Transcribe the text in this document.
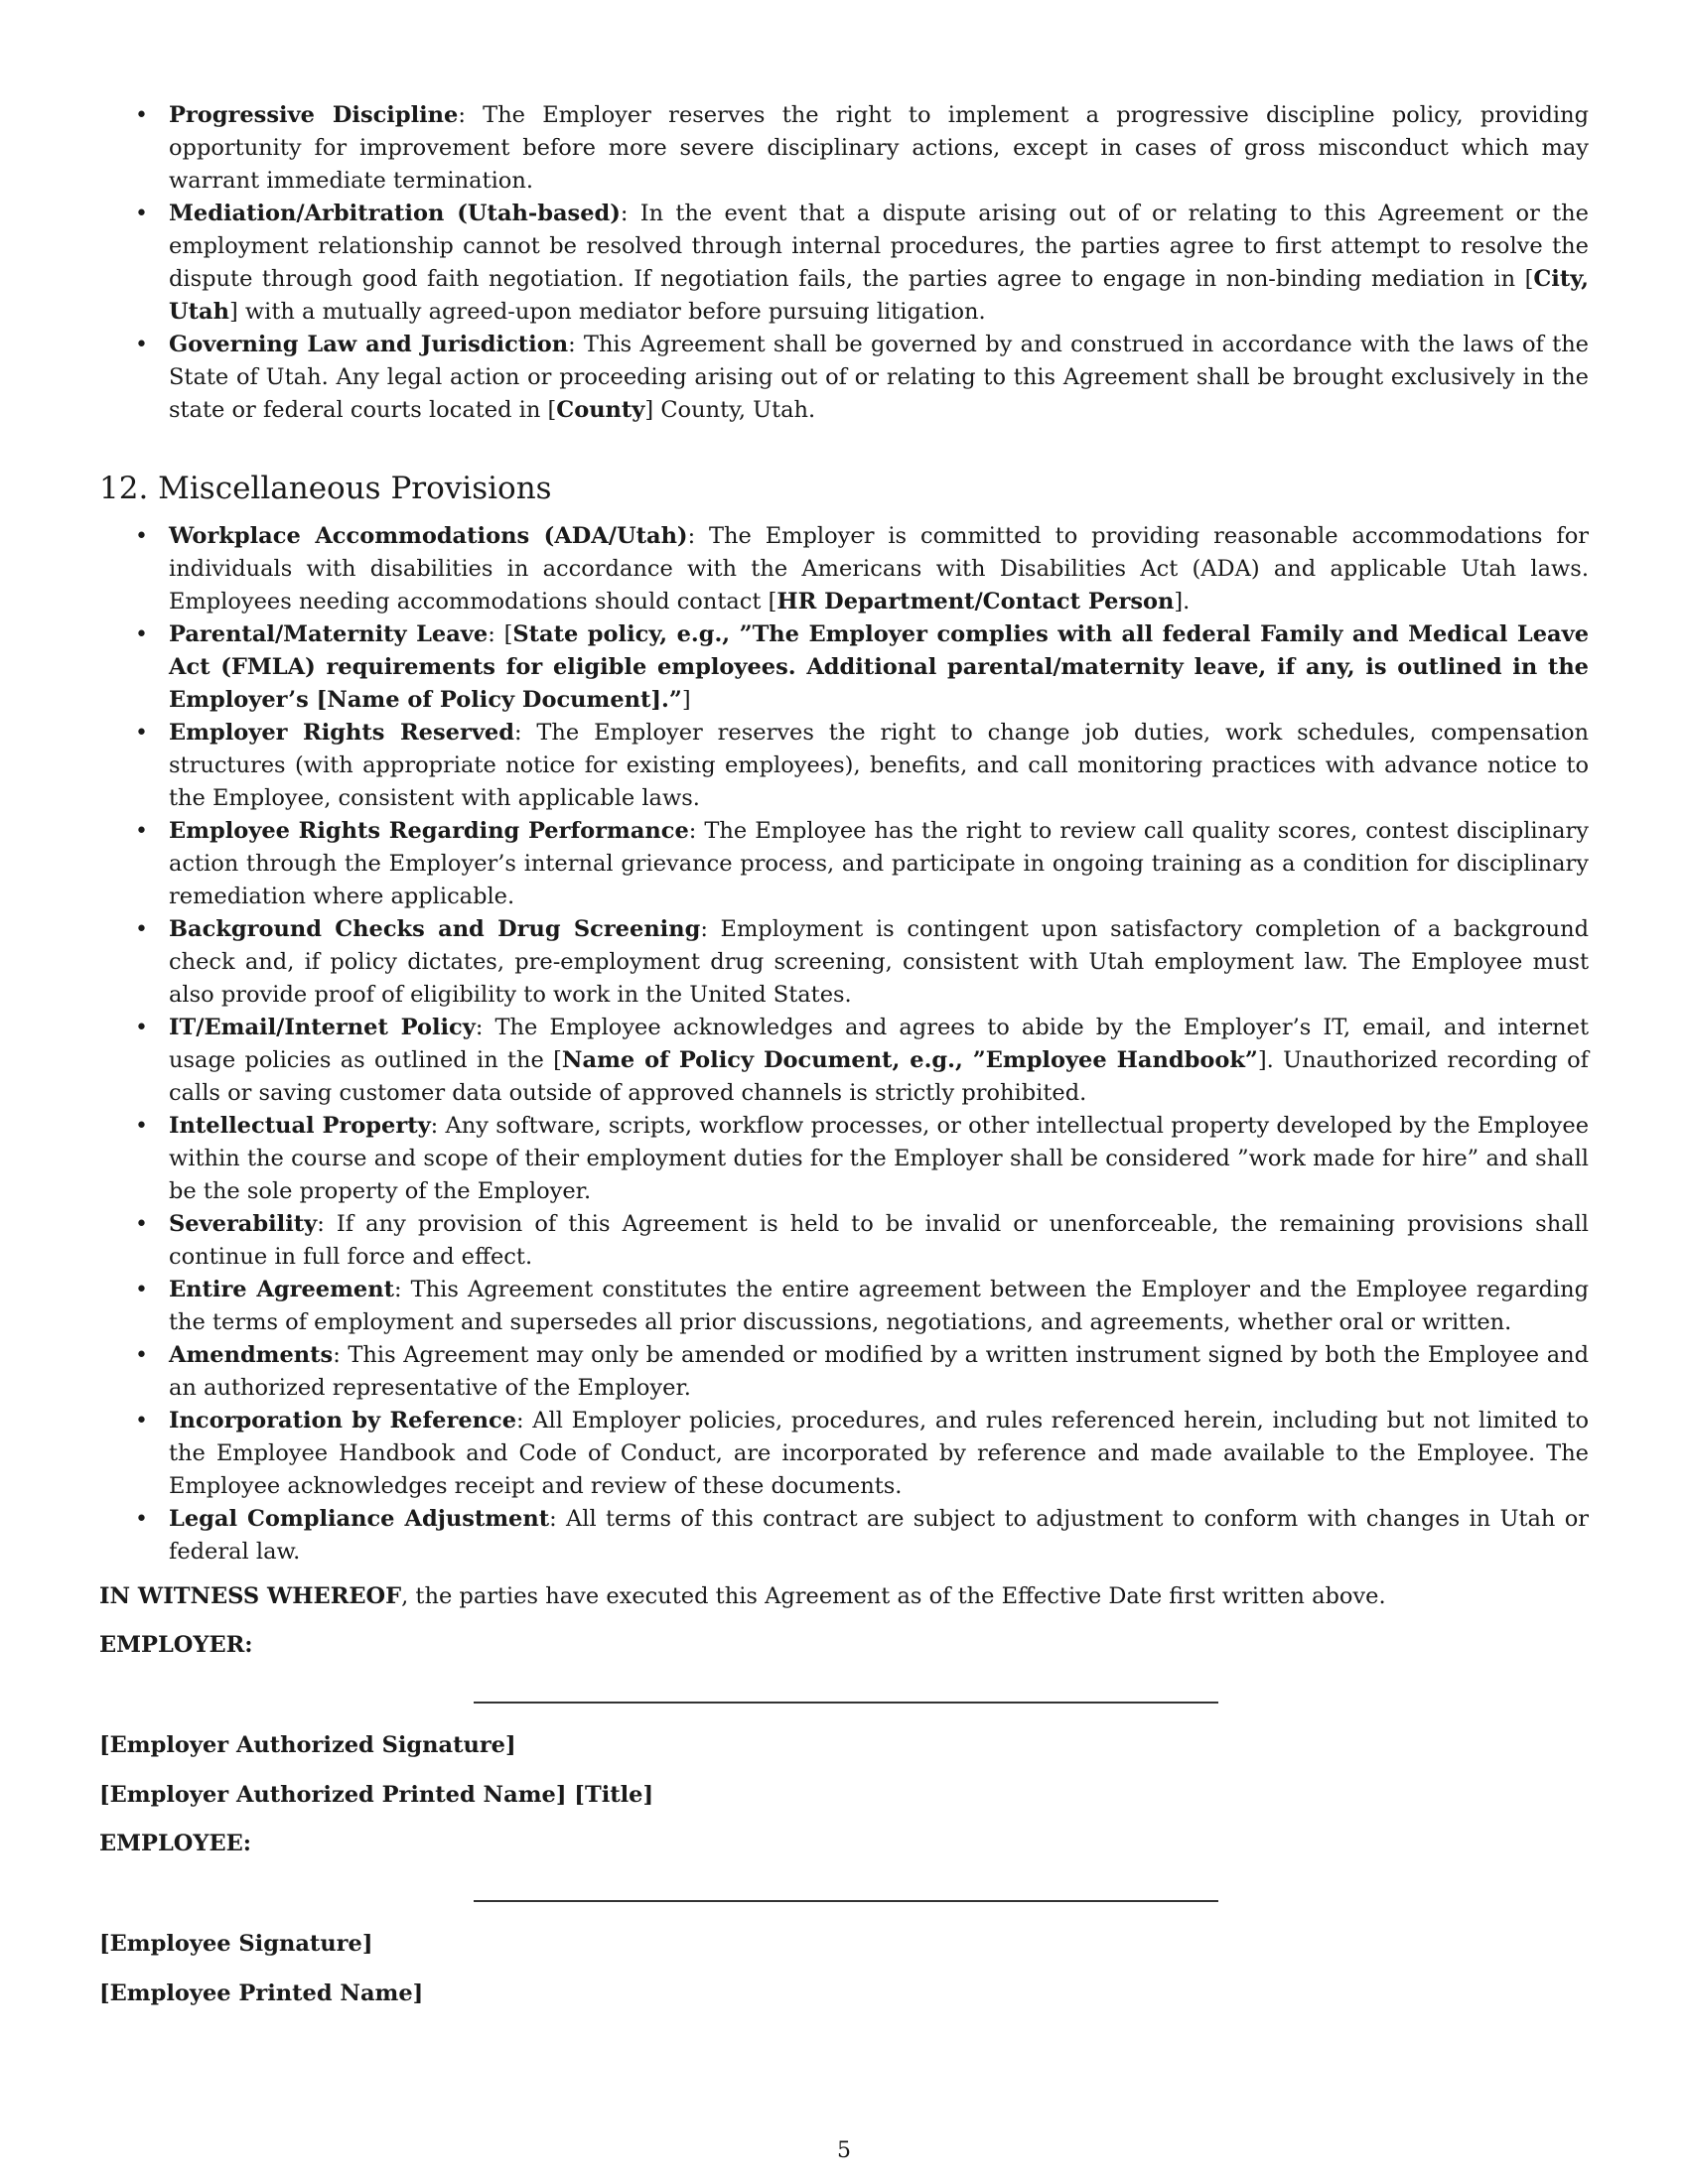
• Progressive Discipline: The Employer reserves the right to implement a progressive discipline policy, providing opportunity for improvement before more severe disciplinary actions, except in cases of gross misconduct which may warrant immediate termination.
• Mediation/Arbitration (Utah-based): In the event that a dispute arising out of or relating to this Agreement or the employment relationship cannot be resolved through internal procedures, the parties agree to first attempt to resolve the dispute through good faith negotiation. If negotiation fails, the parties agree to engage in non-binding mediation in [City, Utah] with a mutually agreed-upon mediator before pursuing litigation.
• Governing Law and Jurisdiction: This Agreement shall be governed by and construed in accordance with the laws of the State of Utah. Any legal action or proceeding arising out of or relating to this Agreement shall be brought exclusively in the state or federal courts located in [County] County, Utah.
12. Miscellaneous Provisions
• Workplace Accommodations (ADA/Utah): The Employer is committed to providing reasonable accommodations for individuals with disabilities in accordance with the Americans with Disabilities Act (ADA) and applicable Utah laws. Employees needing accommodations should contact [HR Department/Contact Person].
• Parental/Maternity Leave: [State policy, e.g., ”The Employer complies with all federal Family and Medical Leave Act (FMLA) requirements for eligible employees. Additional parental/maternity leave, if any, is outlined in the Employer’s [Name of Policy Document].”]
• Employer Rights Reserved: The Employer reserves the right to change job duties, work schedules, compensation structures (with appropriate notice for existing employees), benefits, and call monitoring practices with advance notice to the Employee, consistent with applicable laws.
• Employee Rights Regarding Performance: The Employee has the right to review call quality scores, contest disciplinary action through the Employer’s internal grievance process, and participate in ongoing training as a condition for disciplinary remediation where applicable.
• Background Checks and Drug Screening: Employment is contingent upon satisfactory completion of a background check and, if policy dictates, pre-employment drug screening, consistent with Utah employment law. The Employee must also provide proof of eligibility to work in the United States.
• IT/Email/Internet Policy: The Employee acknowledges and agrees to abide by the Employer’s IT, email, and internet usage policies as outlined in the [Name of Policy Document, e.g., ”Employee Handbook”]. Unauthorized recording of calls or saving customer data outside of approved channels is strictly prohibited.
• Intellectual Property: Any software, scripts, workflow processes, or other intellectual property developed by the Employee within the course and scope of their employment duties for the Employer shall be considered ”work made for hire” and shall be the sole property of the Employer.
• Severability: If any provision of this Agreement is held to be invalid or unenforceable, the remaining provisions shall continue in full force and effect.
• Entire Agreement: This Agreement constitutes the entire agreement between the Employer and the Employee regarding the terms of employment and supersedes all prior discussions, negotiations, and agreements, whether oral or written.
• Amendments: This Agreement may only be amended or modified by a written instrument signed by both the Employee and an authorized representative of the Employer.
• Incorporation by Reference: All Employer policies, procedures, and rules referenced herein, including but not limited to the Employee Handbook and Code of Conduct, are incorporated by reference and made available to the Employee. The Employee acknowledges receipt and review of these documents.
• Legal Compliance Adjustment: All terms of this contract are subject to adjustment to conform with changes in Utah or federal law.

IN WITNESS WHEREOF, the parties have executed this Agreement as of the Effective Date first written above.

EMPLOYER:
[Employer Authorized Signature]
[Employer Authorized Printed Name] [Title]
EMPLOYEE:
[Employee Signature]
[Employee Printed Name]
5
